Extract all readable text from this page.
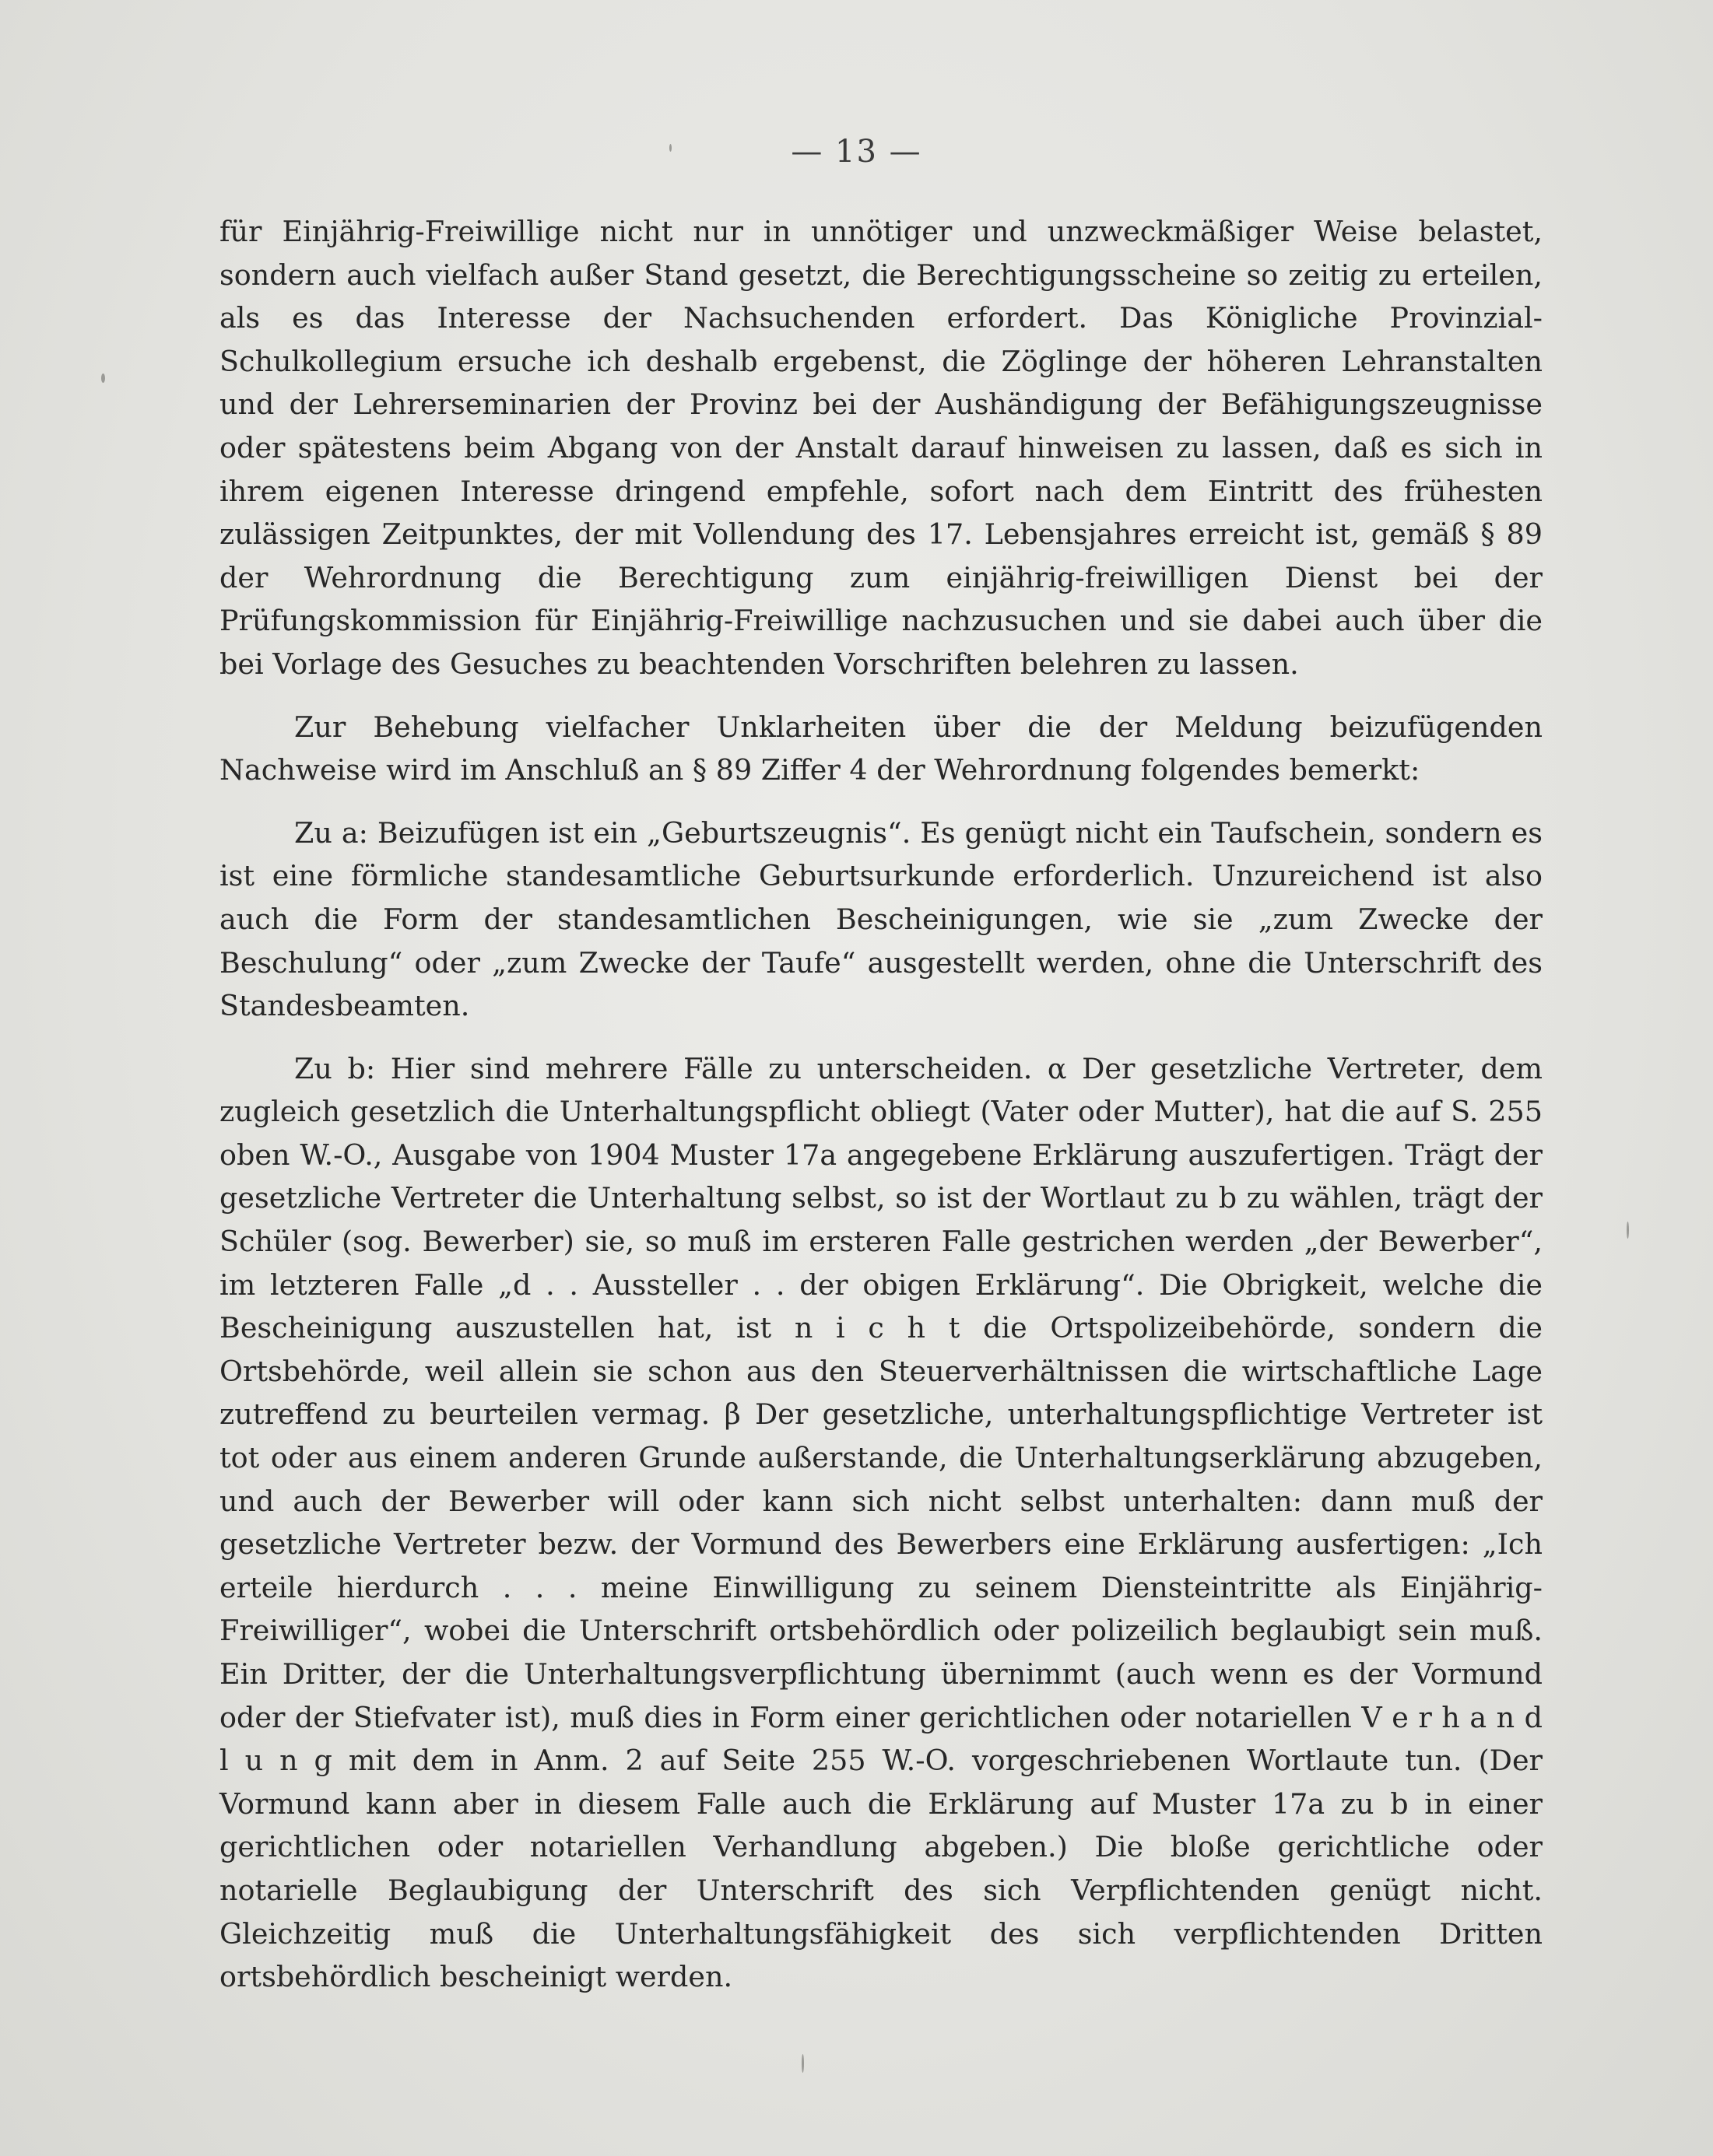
— 13 —

für Einjährig-Freiwillige nicht nur in unnötiger und unzweckmäßiger Weise belastet, sondern auch vielfach außer Stand gesetzt, die Berechtigungsscheine so zeitig zu erteilen, als es das Interesse der Nachsuchenden erfordert. Das Königliche Provinzial-Schulkollegium ersuche ich deshalb ergebenst, die Zöglinge der höheren Lehranstalten und der Lehrerseminarien der Provinz bei der Aushändigung der Befähigungszeugnisse oder spätestens beim Abgang von der Anstalt darauf hinweisen zu lassen, daß es sich in ihrem eigenen Interesse dringend empfehle, sofort nach dem Eintritt des frühesten zulässigen Zeitpunktes, der mit Vollendung des 17. Lebensjahres erreicht ist, gemäß § 89 der Wehrordnung die Berechtigung zum einjährig-freiwilligen Dienst bei der Prüfungskommission für Einjährig-Freiwillige nachzusuchen und sie dabei auch über die bei Vorlage des Gesuches zu beachtenden Vorschriften belehren zu lassen.

Zur Behebung vielfacher Unklarheiten über die der Meldung beizufügenden Nachweise wird im Anschluß an § 89 Ziffer 4 der Wehrordnung folgendes bemerkt:

Zu a: Beizufügen ist ein „Geburtszeugnis“. Es genügt nicht ein Taufschein, sondern es ist eine förmliche standesamtliche Geburtsurkunde erforderlich. Unzureichend ist also auch die Form der standesamtlichen Bescheinigungen, wie sie „zum Zwecke der Beschulung“ oder „zum Zwecke der Taufe“ ausgestellt werden, ohne die Unterschrift des Standesbeamten.

Zu b: Hier sind mehrere Fälle zu unterscheiden. α Der gesetzliche Vertreter, dem zugleich gesetzlich die Unterhaltungspflicht obliegt (Vater oder Mutter), hat die auf S. 255 oben W.-O., Ausgabe von 1904 Muster 17a angegebene Erklärung auszufertigen. Trägt der gesetzliche Vertreter die Unterhaltung selbst, so ist der Wortlaut zu b zu wählen, trägt der Schüler (sog. Bewerber) sie, so muß im ersteren Falle gestrichen werden „der Bewerber“, im letzteren Falle „d . . Aussteller . . der obigen Erklärung“. Die Obrigkeit, welche die Bescheinigung auszustellen hat, ist n i c h t die Ortspolizeibehörde, sondern die Ortsbehörde, weil allein sie schon aus den Steuerverhältnissen die wirtschaftliche Lage zutreffend zu beurteilen vermag. β Der gesetzliche, unterhaltungspflichtige Vertreter ist tot oder aus einem anderen Grunde außerstande, die Unterhaltungserklärung abzugeben, und auch der Bewerber will oder kann sich nicht selbst unterhalten: dann muß der gesetzliche Vertreter bezw. der Vormund des Bewerbers eine Erklärung ausfertigen: „Ich erteile hierdurch . . . meine Einwilligung zu seinem Diensteintritte als Einjährig-Freiwilliger“, wobei die Unterschrift ortsbehördlich oder polizeilich beglaubigt sein muß. Ein Dritter, der die Unterhaltungsverpflichtung übernimmt (auch wenn es der Vormund oder der Stiefvater ist), muß dies in Form einer gerichtlichen oder notariellen V e r h a n d l u n g mit dem in Anm. 2 auf Seite 255 W.-O. vorgeschriebenen Wortlaute tun. (Der Vormund kann aber in diesem Falle auch die Erklärung auf Muster 17a zu b in einer gerichtlichen oder notariellen Verhandlung abgeben.) Die bloße gerichtliche oder notarielle Beglaubigung der Unterschrift des sich Verpflichtenden genügt nicht. Gleichzeitig muß die Unterhaltungsfähigkeit des sich verpflichtenden Dritten ortsbehördlich bescheinigt werden.
